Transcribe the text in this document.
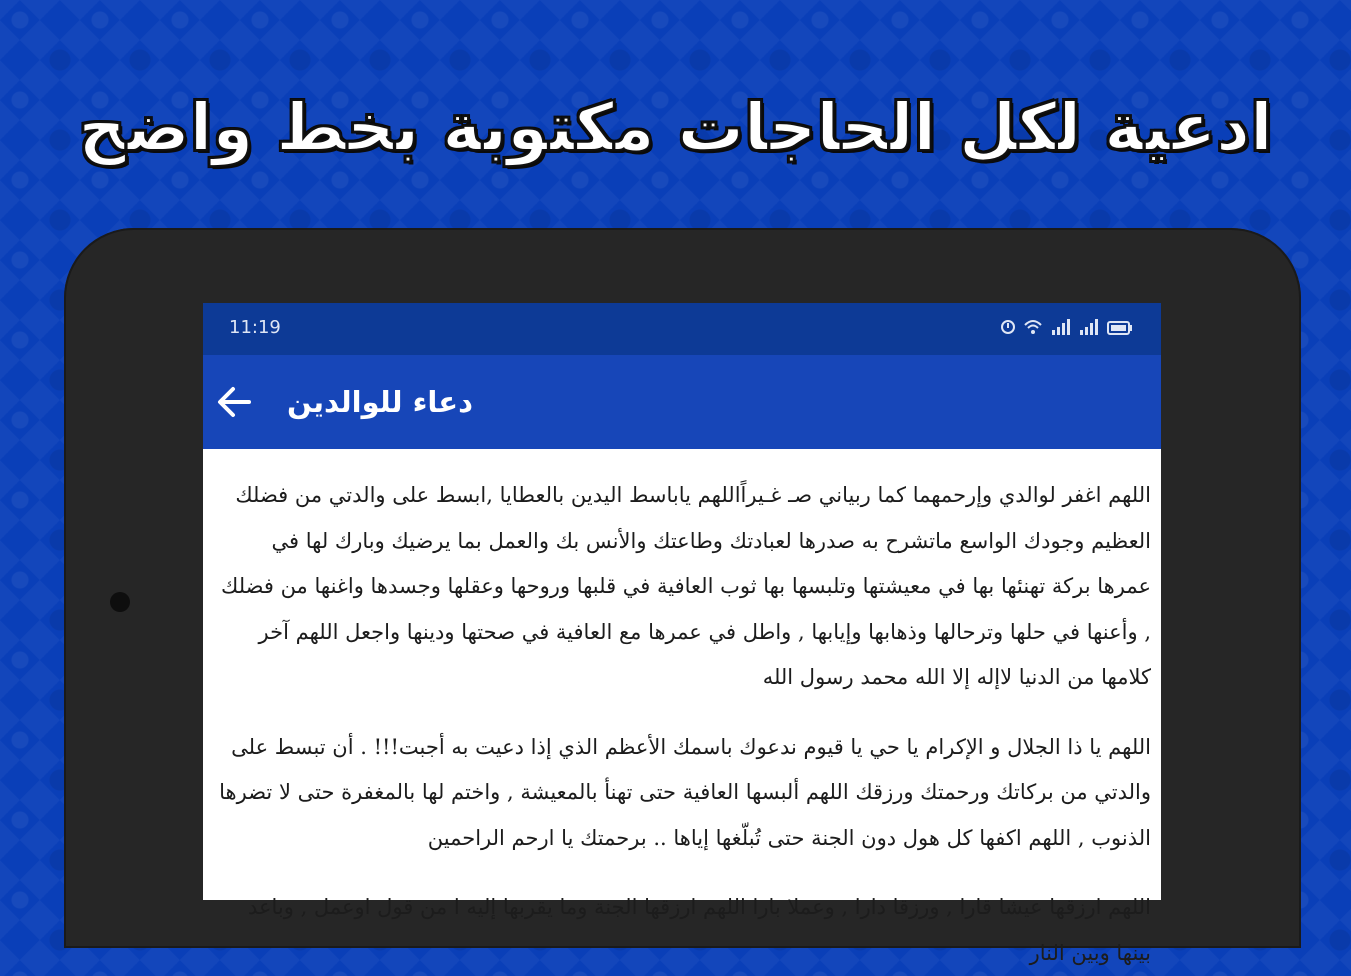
ادعية لكل الحاجات مكتوبة بخط واضح
11:19
دعاء للوالدين

اللهم اغفر لوالدي وإرحمهما كما ربياني صـ غـيراًاللهم ياباسط اليدين بالعطايا ,ابسط على والدتي من فضلك العظيم وجودك الواسع ماتشرح به صدرها لعبادتك وطاعتك والأنس بك والعمل بما يرضيك وبارك لها في عمرها بركة تهنئها بها في معيشتها وتلبسها بها ثوب العافية في قلبها وروحها وعقلها وجسدها واغنها من فضلك , وأعنها في حلها وترحالها وذهابها وإيابها , واطل في عمرها مع العافية في صحتها ودينها واجعل اللهم آخر كلامها من الدنيا لاإله إلا الله محمد رسول الله

اللهم يا ذا الجلال و الإكرام يا حي يا قيوم ندعوك باسمك الأعظم الذي إذا دعيت به أجبت!!! . أن تبسط على والدتي من بركاتك ورحمتك ورزقك اللهم ألبسها العافية حتى تهنأ بالمعيشة , واختم لها بالمغفرة حتى لا تضرها الذنوب , اللهم اكفها كل هول دون الجنة حتى تُبلّغها إياها .. برحمتك يا ارحم الراحمين

اللهم ارزقها عيشا قارا , ورزقا دارا , وعملا بارا اللهم ارزقها الجنة وما يقربها إليه ا من قول اوعمل , وباعد بينها وبين النار
